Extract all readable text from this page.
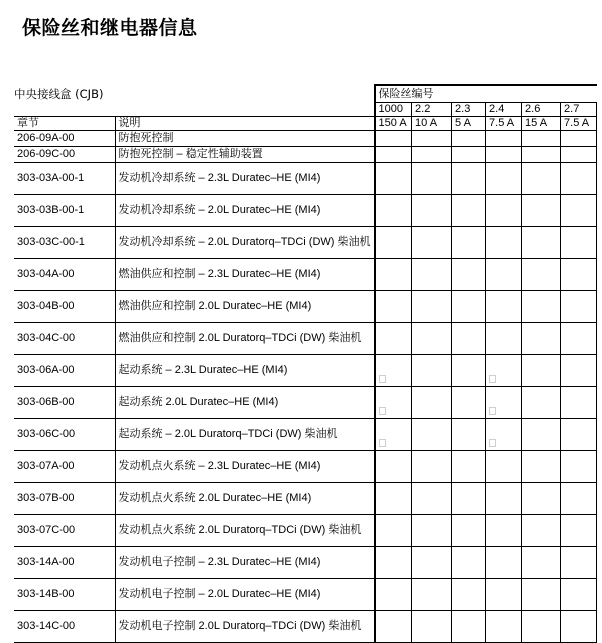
保险丝和继电器信息
		保险丝编号					
		1000	2.2	2.3	2.4	2.6	2.7
章节	说明	150 A	10 A	5 A	7.5 A	15 A	7.5 A
206-09A-00	防抱死控制						
206-09C-00	防抱死控制 – 稳定性辅助装置						
303-03A-00-1	发动机冷却系统 – 2.3L Duratec–HE (MI4)						
303-03B-00-1	发动机冷却系统 – 2.0L Duratec–HE (MI4)						
303-03C-00-1	发动机冷却系统 – 2.0L Duratorq–TDCi (DW) 柴油机						
303-04A-00	燃油供应和控制 – 2.3L Duratec–HE (MI4)						
303-04B-00	燃油供应和控制 2.0L Duratec–HE (MI4)						
303-04C-00	燃油供应和控制 2.0L Duratorq–TDCi (DW) 柴油机						
303-06A-00	起动系统 – 2.3L Duratec–HE (MI4)						
303-06B-00	起动系统 2.0L Duratec–HE (MI4)						
303-06C-00	起动系统 – 2.0L Duratorq–TDCi (DW) 柴油机						
303-07A-00	发动机点火系统 – 2.3L Duratec–HE (MI4)						
303-07B-00	发动机点火系统 2.0L Duratec–HE (MI4)						
303-07C-00	发动机点火系统 2.0L Duratorq–TDCi (DW) 柴油机						
303-14A-00	发动机电子控制 – 2.3L Duratec–HE (MI4)						
303-14B-00	发动机电子控制 – 2.0L Duratec–HE (MI4)						
303-14C-00	发动机电子控制 2.0L Duratorq–TDCi (DW) 柴油机						
中央接线盒 (CJB)
